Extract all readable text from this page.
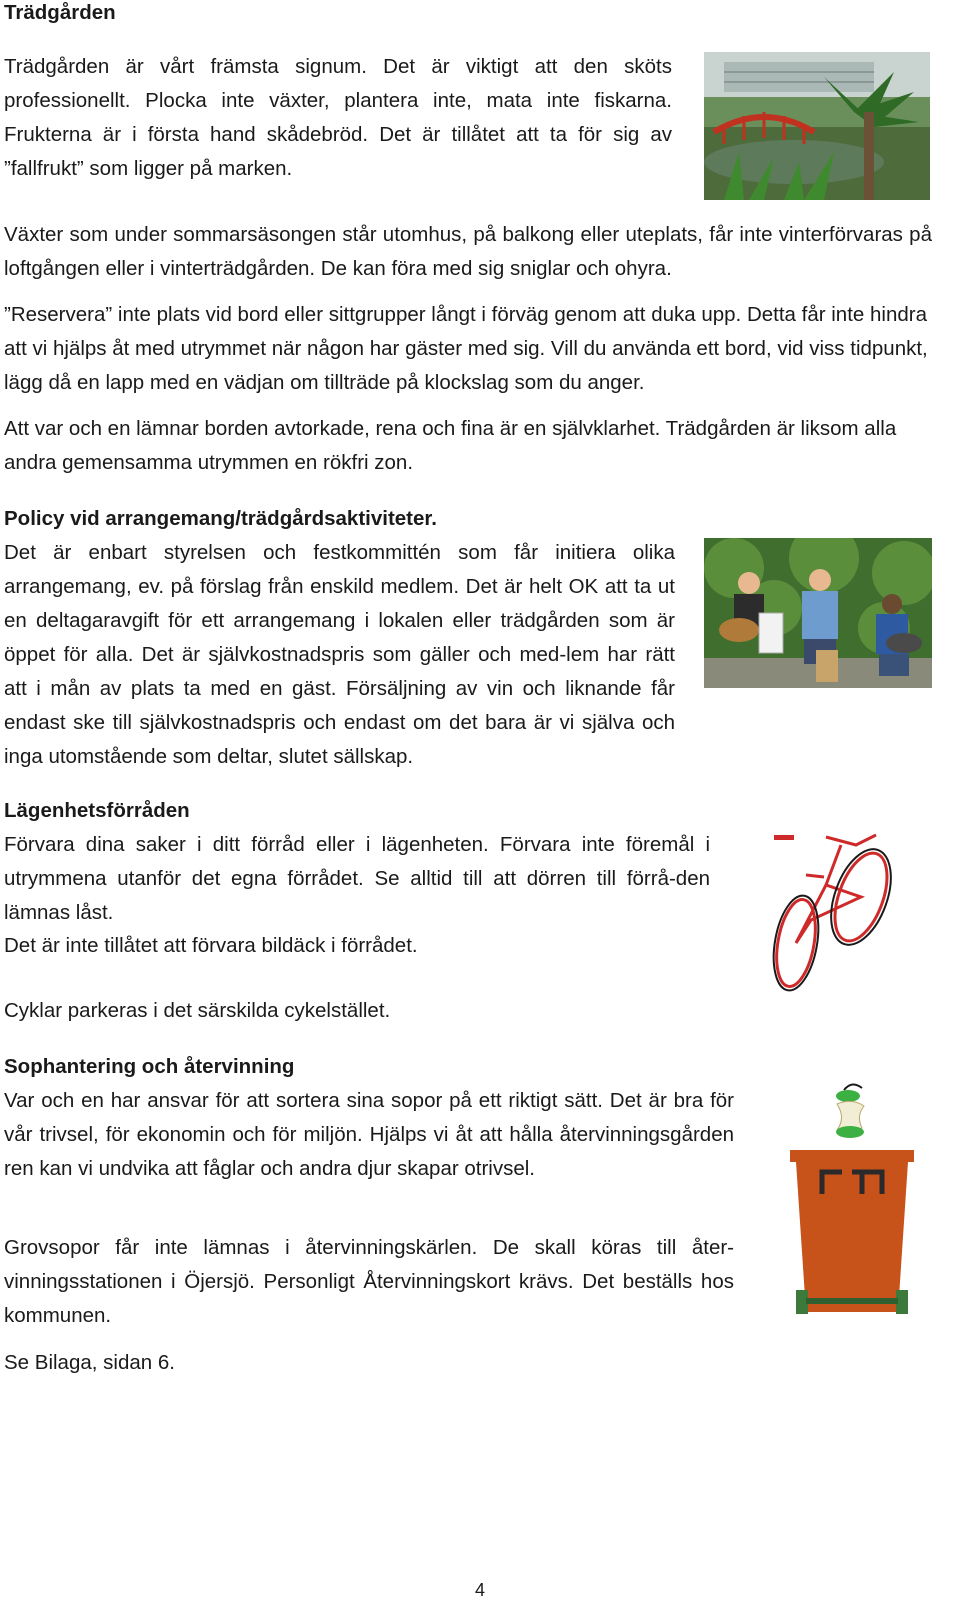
Trädgården
Trädgården är vårt främsta signum. Det är viktigt att den sköts professionellt. Plocka inte växter, plantera inte, mata inte fiskarna. Frukterna är i första hand skådebröd. Det är tillåtet att ta för sig av ”fallfrukt” som ligger på marken.
Växter som under sommarsäsongen står utomhus, på balkong eller uteplats, får inte vinterförvaras på loftgången eller i vinterträdgården. De kan föra med sig sniglar och ohyra.
”Reservera” inte plats vid bord eller sittgrupper långt i förväg genom att duka upp. Detta får inte hindra att vi hjälps åt med utrymmet när någon har gäster med sig. Vill du använda ett bord, vid viss tidpunkt, lägg då en lapp med en vädjan om tillträde på klockslag som du anger.
Att var och en lämnar borden avtorkade, rena och fina är en självklarhet. Trädgården är liksom alla andra gemensamma utrymmen en rökfri zon.
Policy vid arrangemang/trädgårdsaktiviteter.
Det är enbart styrelsen och festkommittén som får initiera olika arrangemang, ev. på förslag från enskild medlem. Det är helt OK att ta ut en deltagaravgift för ett arrangemang i lokalen eller trädgården som är öppet för alla. Det är självkostnadspris som gäller och med-lem har rätt att i mån av plats ta med en gäst. Försäljning av vin och liknande får endast ske till självkostnadspris och endast om det bara är vi själva och inga utomstående som deltar, slutet sällskap.
Lägenhetsförråden
Förvara dina saker i ditt förråd eller i lägenheten. Förvara inte föremål i utrymmena utanför det egna förrådet. Se alltid till att dörren till förrå-den lämnas låst.
Det är inte tillåtet att förvara bildäck i förrådet.
Cyklar parkeras i det särskilda cykelstället.
Sophantering och återvinning
Var och en har ansvar för att sortera sina sopor på ett riktigt sätt. Det är bra för vår trivsel, för ekonomin och för miljön. Hjälps vi åt att hålla återvinningsgården ren kan vi undvika att fåglar och andra djur skapar otrivsel.
Grovsopor får inte lämnas i återvinningskärlen. De skall köras till åter-vinningsstationen i Öjersjö. Personligt Återvinningskort krävs. Det beställs hos kommunen.
Se Bilaga, sidan 6.
4
